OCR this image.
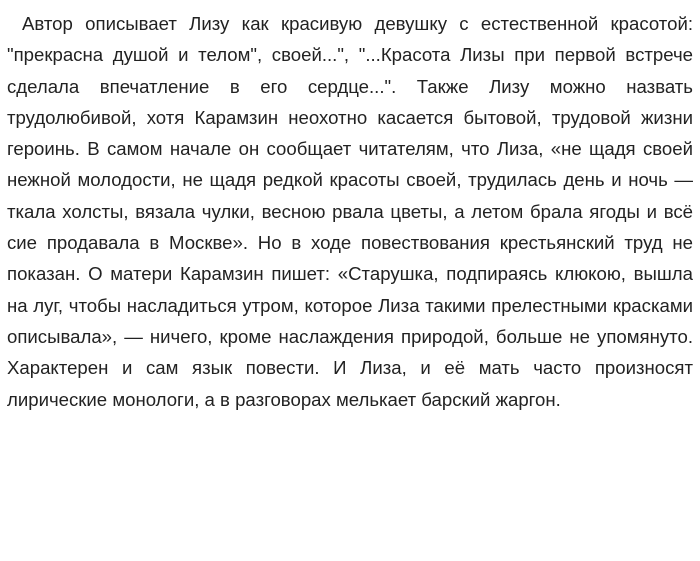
Автор описывает Лизу как красивую девушку с естественной красотой: "прекрасна душой и телом", своей...", "...Красота Лизы при первой встрече сделала впечатление в его сердце...". Также Лизу можно назвать трудолюбивой, хотя Карамзин неохотно касается бытовой, трудовой жизни героинь. В самом начале он сообщает читателям, что Лиза, «не щадя своей нежной молодости, не щадя редкой красоты своей, трудилась день и ночь — ткала холсты, вязала чулки, весною рвала цветы, а летом брала ягоды и всё сие продавала в Москве». Но в ходе повествования крестьянский труд не показан. О матери Карамзин пишет: «Старушка, подпираясь клюкою, вышла на луг, чтобы насладиться утром, которое Лиза такими прелестными красками описывала», — ничего, кроме наслаждения природой, больше не упомянуто. Характерен и сам язык повести. И Лиза, и её мать часто произносят лирические монологи, а в разговорах мелькает барский жаргон.
